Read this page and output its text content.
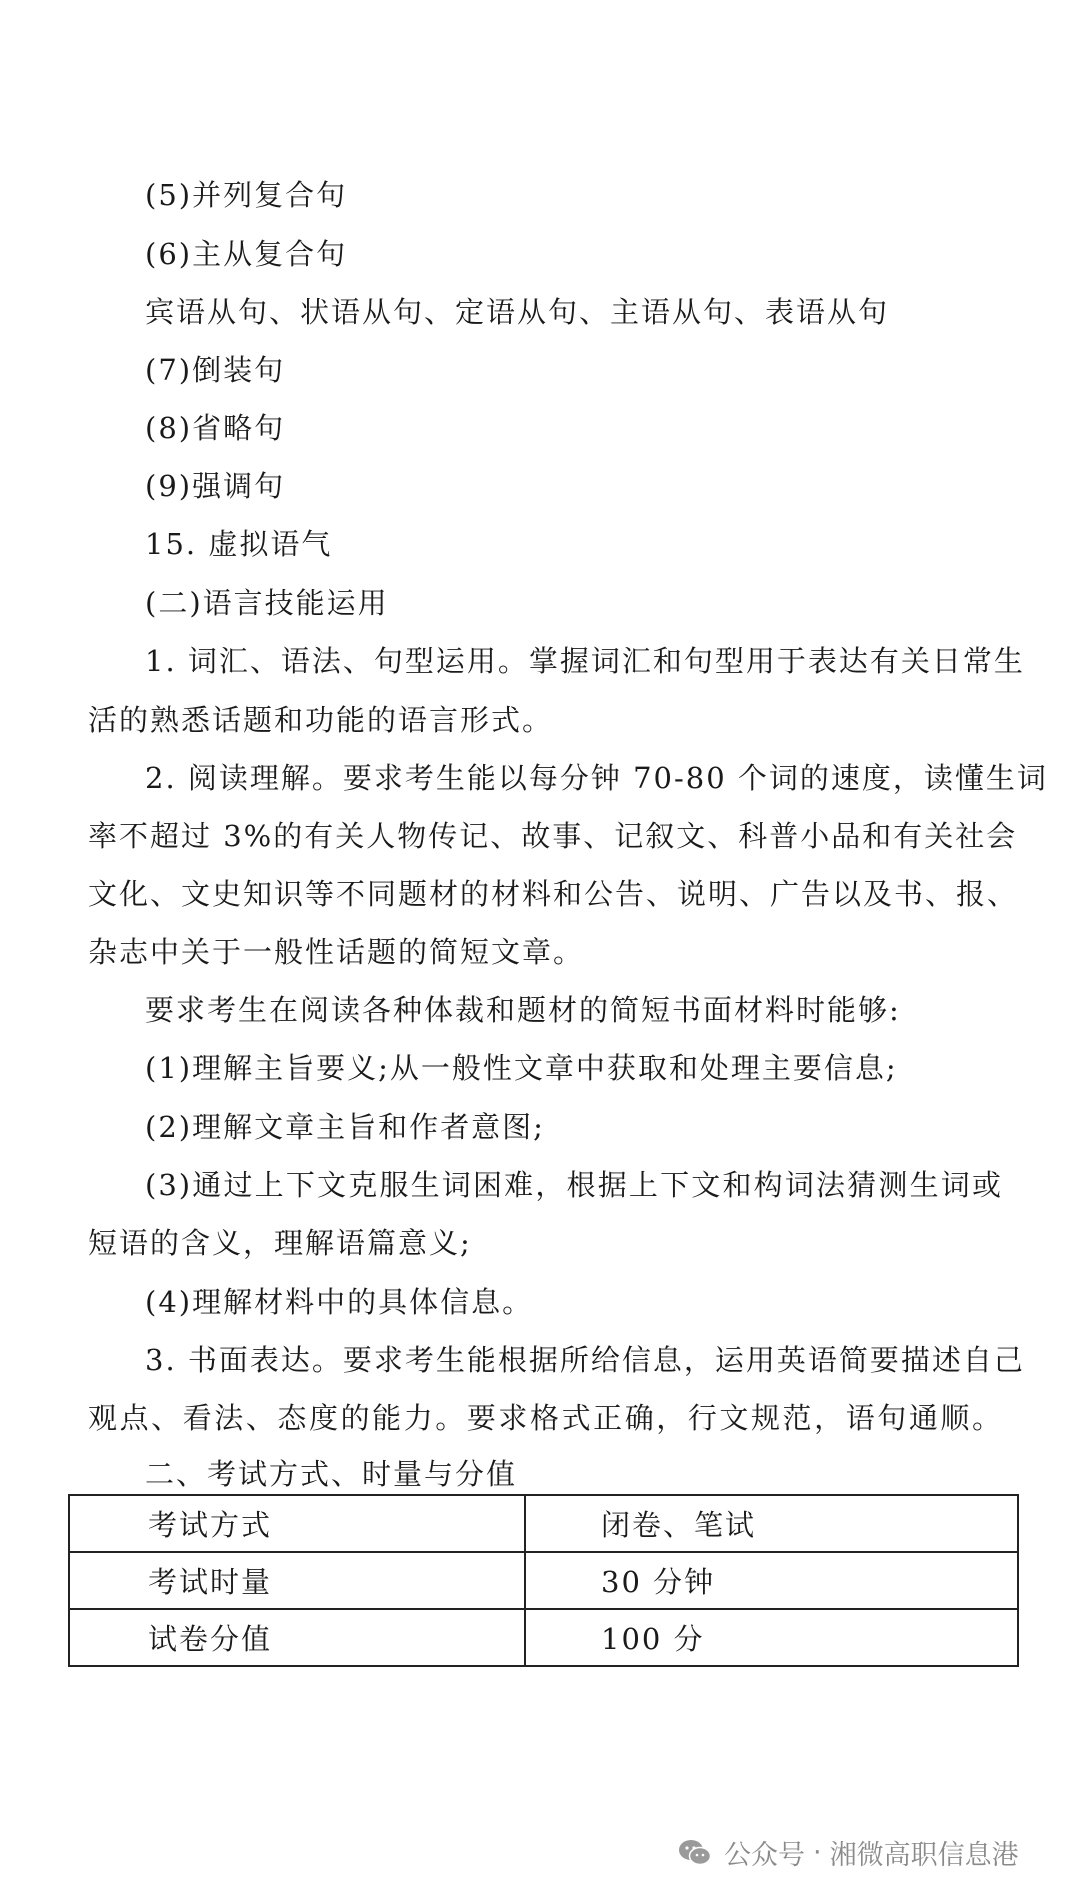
(5)并列复合句
(6)主从复合句
宾语从句、状语从句、定语从句、主语从句、表语从句
(7)倒装句
(8)省略句
(9)强调句
15. 虚拟语气
(二)语言技能运用
1. 词汇、语法、句型运用。掌握词汇和句型用于表达有关日常生
活的熟悉话题和功能的语言形式。
2. 阅读理解。要求考生能以每分钟 70-80 个词的速度，读懂生词
率不超过 3%的有关人物传记、故事、记叙文、科普小品和有关社会
文化、文史知识等不同题材的材料和公告、说明、广告以及书、报、
杂志中关于一般性话题的简短文章。
要求考生在阅读各种体裁和题材的简短书面材料时能够:
(1)理解主旨要义;从一般性文章中获取和处理主要信息;
(2)理解文章主旨和作者意图;
(3)通过上下文克服生词困难，根据上下文和构词法猜测生词或
短语的含义，理解语篇意义;
(4)理解材料中的具体信息。
3. 书面表达。要求考生能根据所给信息，运用英语简要描述自己
观点、看法、态度的能力。要求格式正确，行文规范，语句通顺。
二、考试方式、时量与分值
考试方式	闭卷、笔试
考试时量	30 分钟
试卷分值	100 分
公众号 · 湘微高职信息港
